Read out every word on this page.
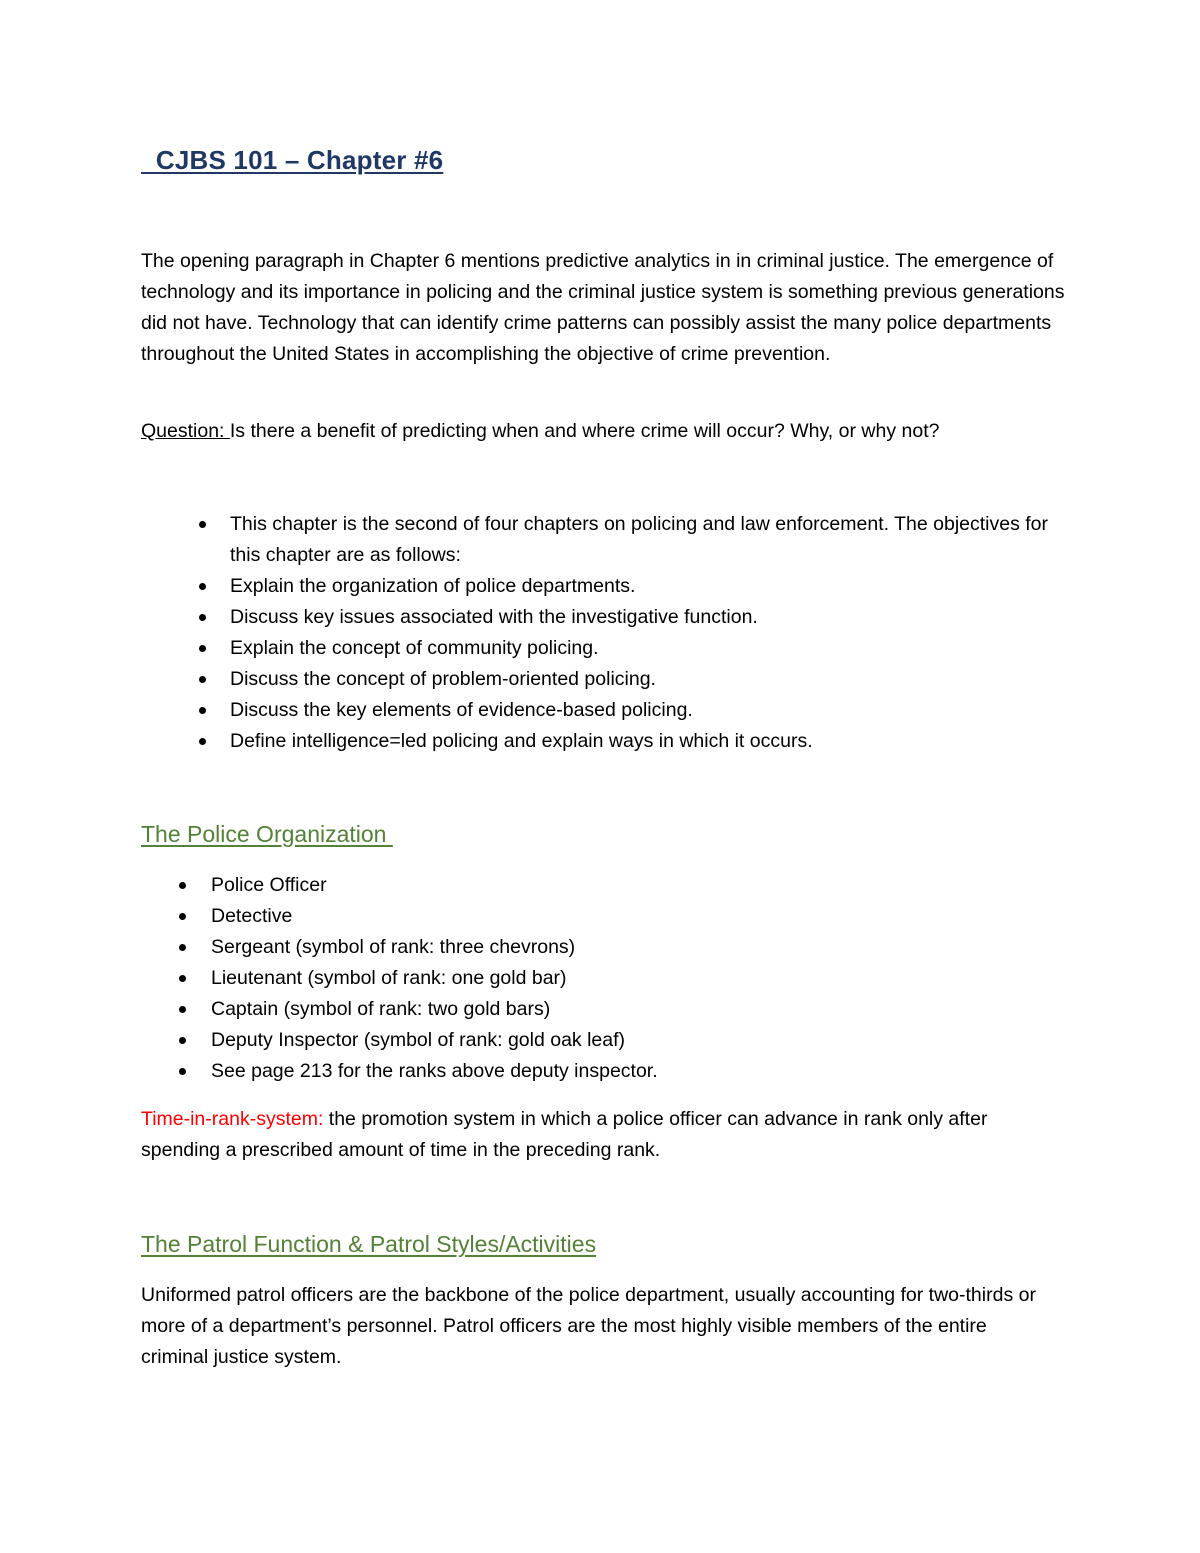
CJBS 101 – Chapter #6

The opening paragraph in Chapter 6 mentions predictive analytics in in criminal justice. The emergence of technology and its importance in policing and the criminal justice system is something previous generations did not have. Technology that can identify crime patterns can possibly assist the many police departments throughout the United States in accomplishing the objective of crime prevention.

Question: Is there a benefit of predicting when and where crime will occur? Why, or why not?

This chapter is the second of four chapters on policing and law enforcement. The objectives for this chapter are as follows:
Explain the organization of police departments.
Discuss key issues associated with the investigative function.
Explain the concept of community policing.
Discuss the concept of problem-oriented policing.
Discuss the key elements of evidence-based policing.
Define intelligence=led policing and explain ways in which it occurs.
The Police Organization
Police Officer
Detective
Sergeant (symbol of rank: three chevrons)
Lieutenant (symbol of rank: one gold bar)
Captain (symbol of rank: two gold bars)
Deputy Inspector (symbol of rank: gold oak leaf)
See page 213 for the ranks above deputy inspector.

Time-in-rank-system: the promotion system in which a police officer can advance in rank only after spending a prescribed amount of time in the preceding rank.

The Patrol Function & Patrol Styles/Activities

Uniformed patrol officers are the backbone of the police department, usually accounting for two-thirds or more of a department’s personnel. Patrol officers are the most highly visible members of the entire criminal justice system.
